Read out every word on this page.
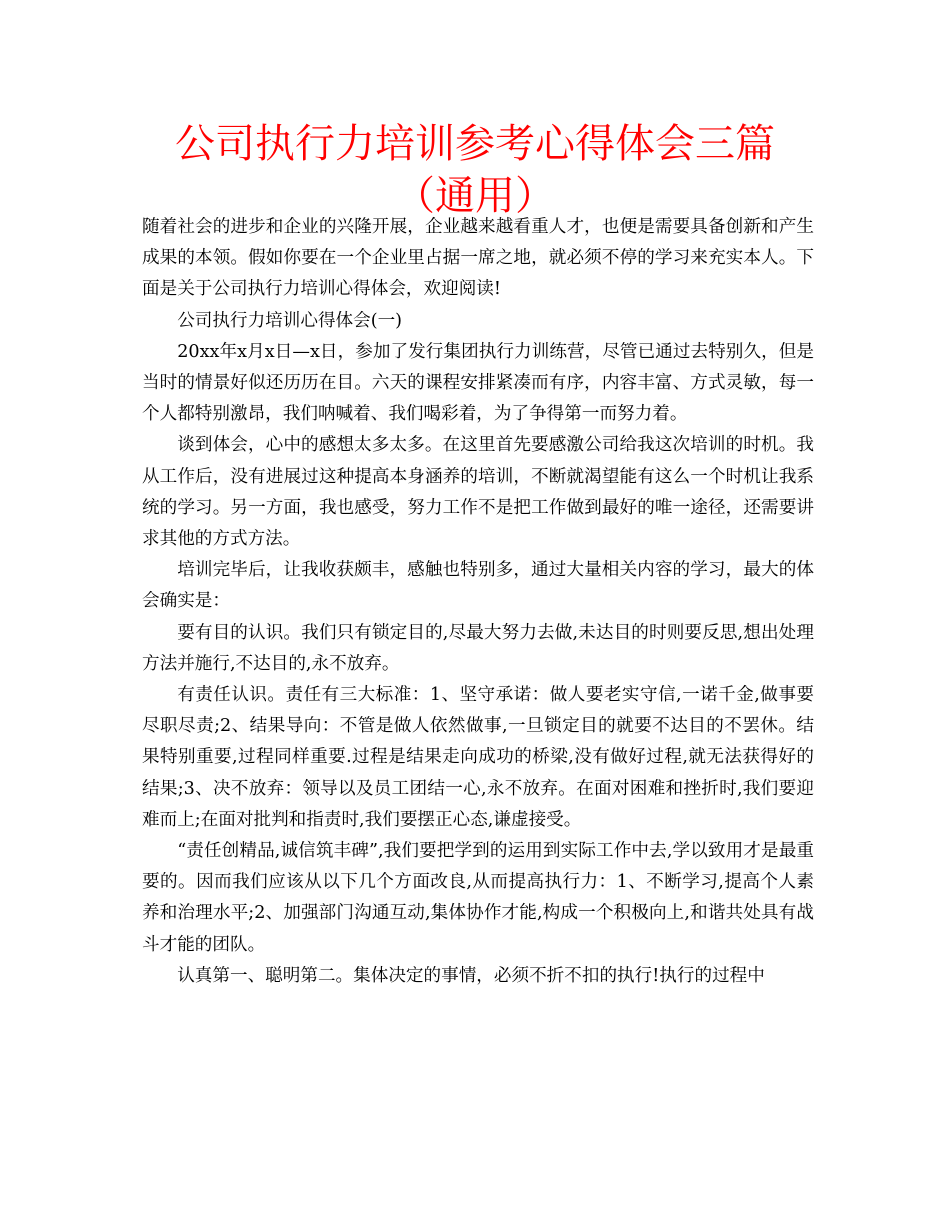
公司执行力培训参考心得体会三篇（通用）

随着社会的进步和企业的兴隆开展，企业越来越看重人才，也便是需要具备创新和产生成果的本领。假如你要在一个企业里占据一席之地，就必须不停的学习来充实本人。下面是关于公司执行力培训心得体会，欢迎阅读!

公司执行力培训心得体会(一)

20xx年x月x日—x日，参加了发行集团执行力训练营，尽管已通过去特别久，但是当时的情景好似还历历在目。六天的课程安排紧凑而有序，内容丰富、方式灵敏，每一个人都特别激昂，我们呐喊着、我们喝彩着，为了争得第一而努力着。

谈到体会，心中的感想太多太多。在这里首先要感激公司给我这次培训的时机。我从工作后，没有进展过这种提高本身涵养的培训，不断就渴望能有这么一个时机让我系统的学习。另一方面，我也感受，努力工作不是把工作做到最好的唯一途径，还需要讲求其他的方式方法。

培训完毕后，让我收获颇丰，感触也特别多，通过大量相关内容的学习，最大的体会确实是：

要有目的认识。我们只有锁定目的,尽最大努力去做,未达目的时则要反思,想出处理方法并施行,不达目的,永不放弃。

有责任认识。责任有三大标准：1、坚守承诺：做人要老实守信,一诺千金,做事要尽职尽责;2、结果导向：不管是做人依然做事,一旦锁定目的就要不达目的不罢休。结果特别重要,过程同样重要.过程是结果走向成功的桥梁,没有做好过程,就无法获得好的结果;3、决不放弃：领导以及员工团结一心,永不放弃。在面对困难和挫折时,我们要迎难而上;在面对批判和指责时,我们要摆正心态,谦虚接受。

“责任创精品,诚信筑丰碑”,我们要把学到的运用到实际工作中去,学以致用才是最重要的。因而我们应该从以下几个方面改良,从而提高执行力：1、不断学习,提高个人素养和治理水平;2、加强部门沟通互动,集体协作才能,构成一个积极向上,和谐共处具有战斗才能的团队。

认真第一、聪明第二。集体决定的事情，必须不折不扣的执行!执行的过程中
